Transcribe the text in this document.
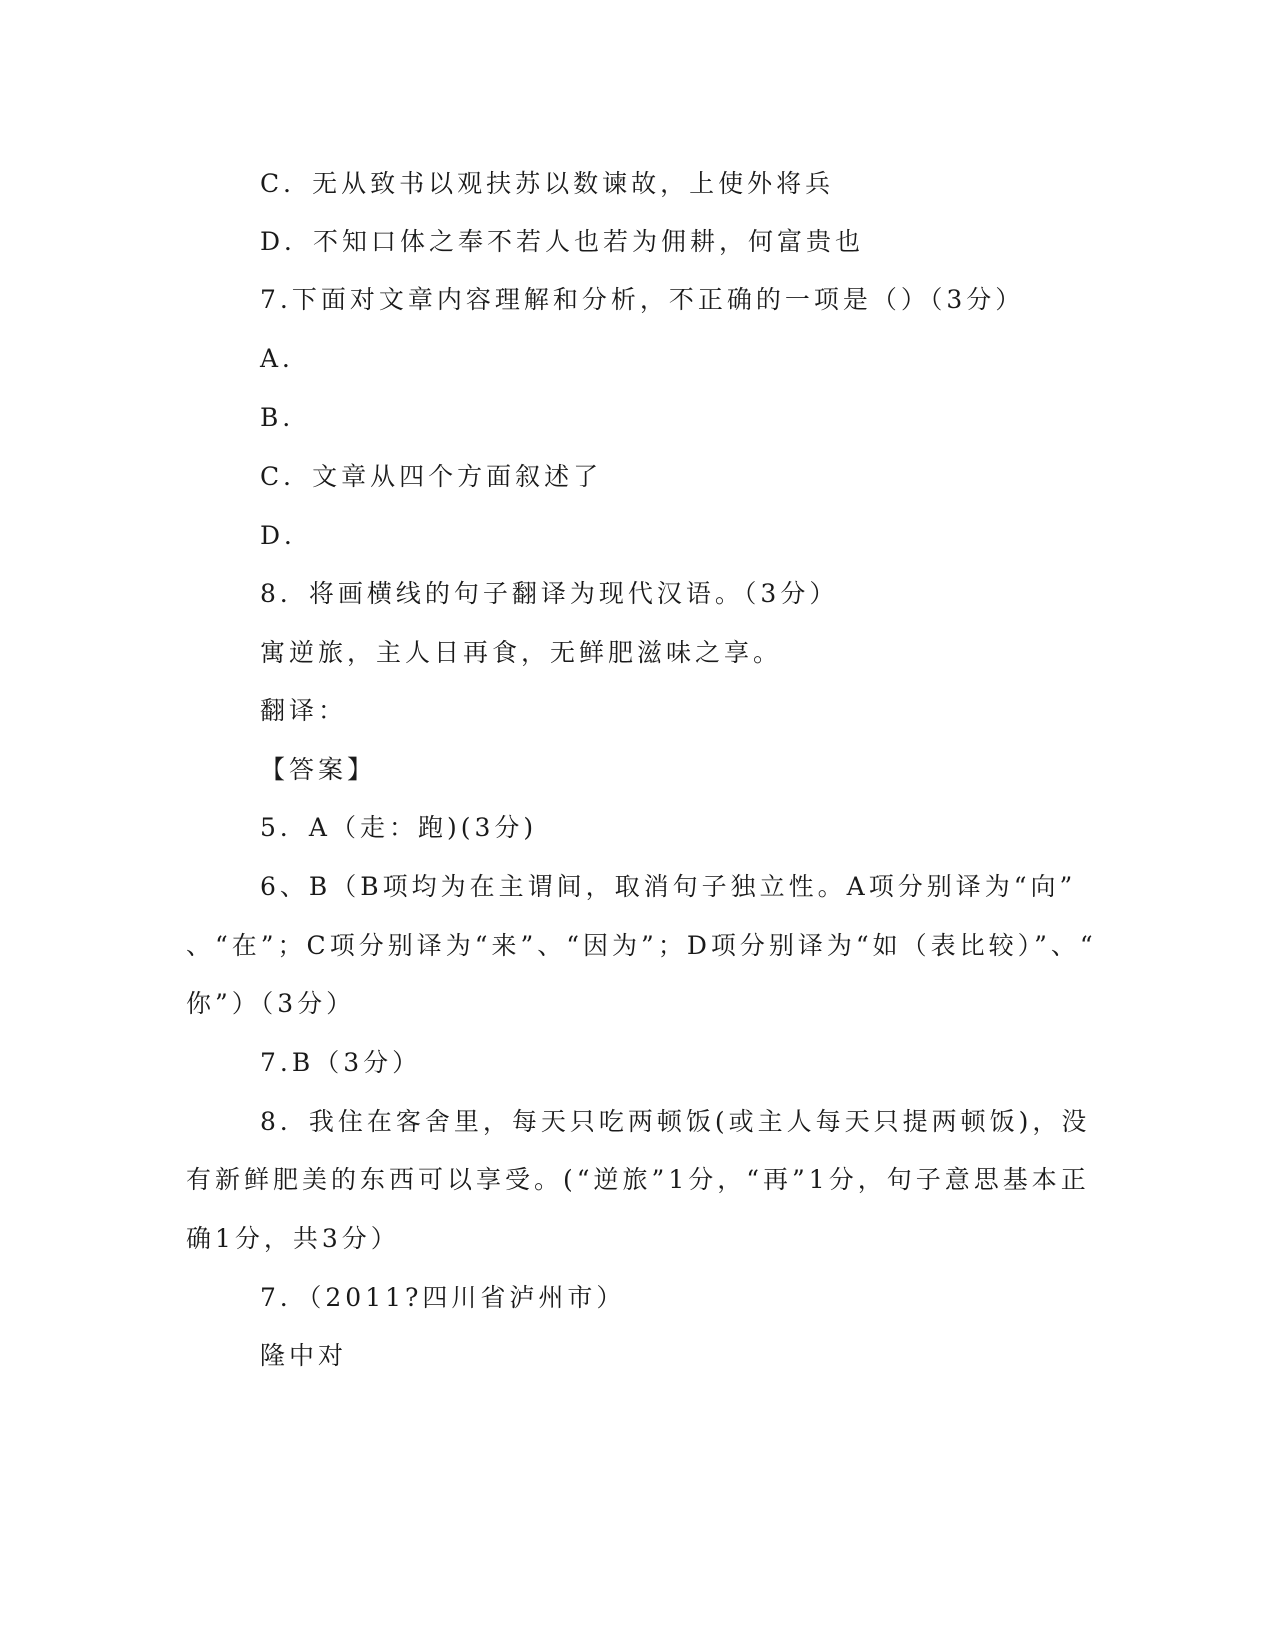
C．无从致书以观扶苏以数谏故，上使外将兵
D．不知口体之奉不若人也若为佣耕，何富贵也
7.下面对文章内容理解和分析，不正确的一项是（）（3分）
A．
B．
C．文章从四个方面叙述了
D．
8．将画横线的句子翻译为现代汉语。（3分）
寓逆旅，主人日再食，无鲜肥滋味之享。
翻译：
【答案】
5．A（走：跑)(3分)
6、B（B项均为在主谓间，取消句子独立性。A项分别译为“向”
、“在”；C项分别译为“来”、“因为”；D项分别译为“如（表比较）”、“
你”）（3分）
7.B（3分）
8．我住在客舍里，每天只吃两顿饭(或主人每天只提两顿饭)，没
有新鲜肥美的东西可以享受。(“逆旅”1分，“再”1分，句子意思基本正
确1分，共3分）
7．（2011?四川省泸州市）
隆中对
